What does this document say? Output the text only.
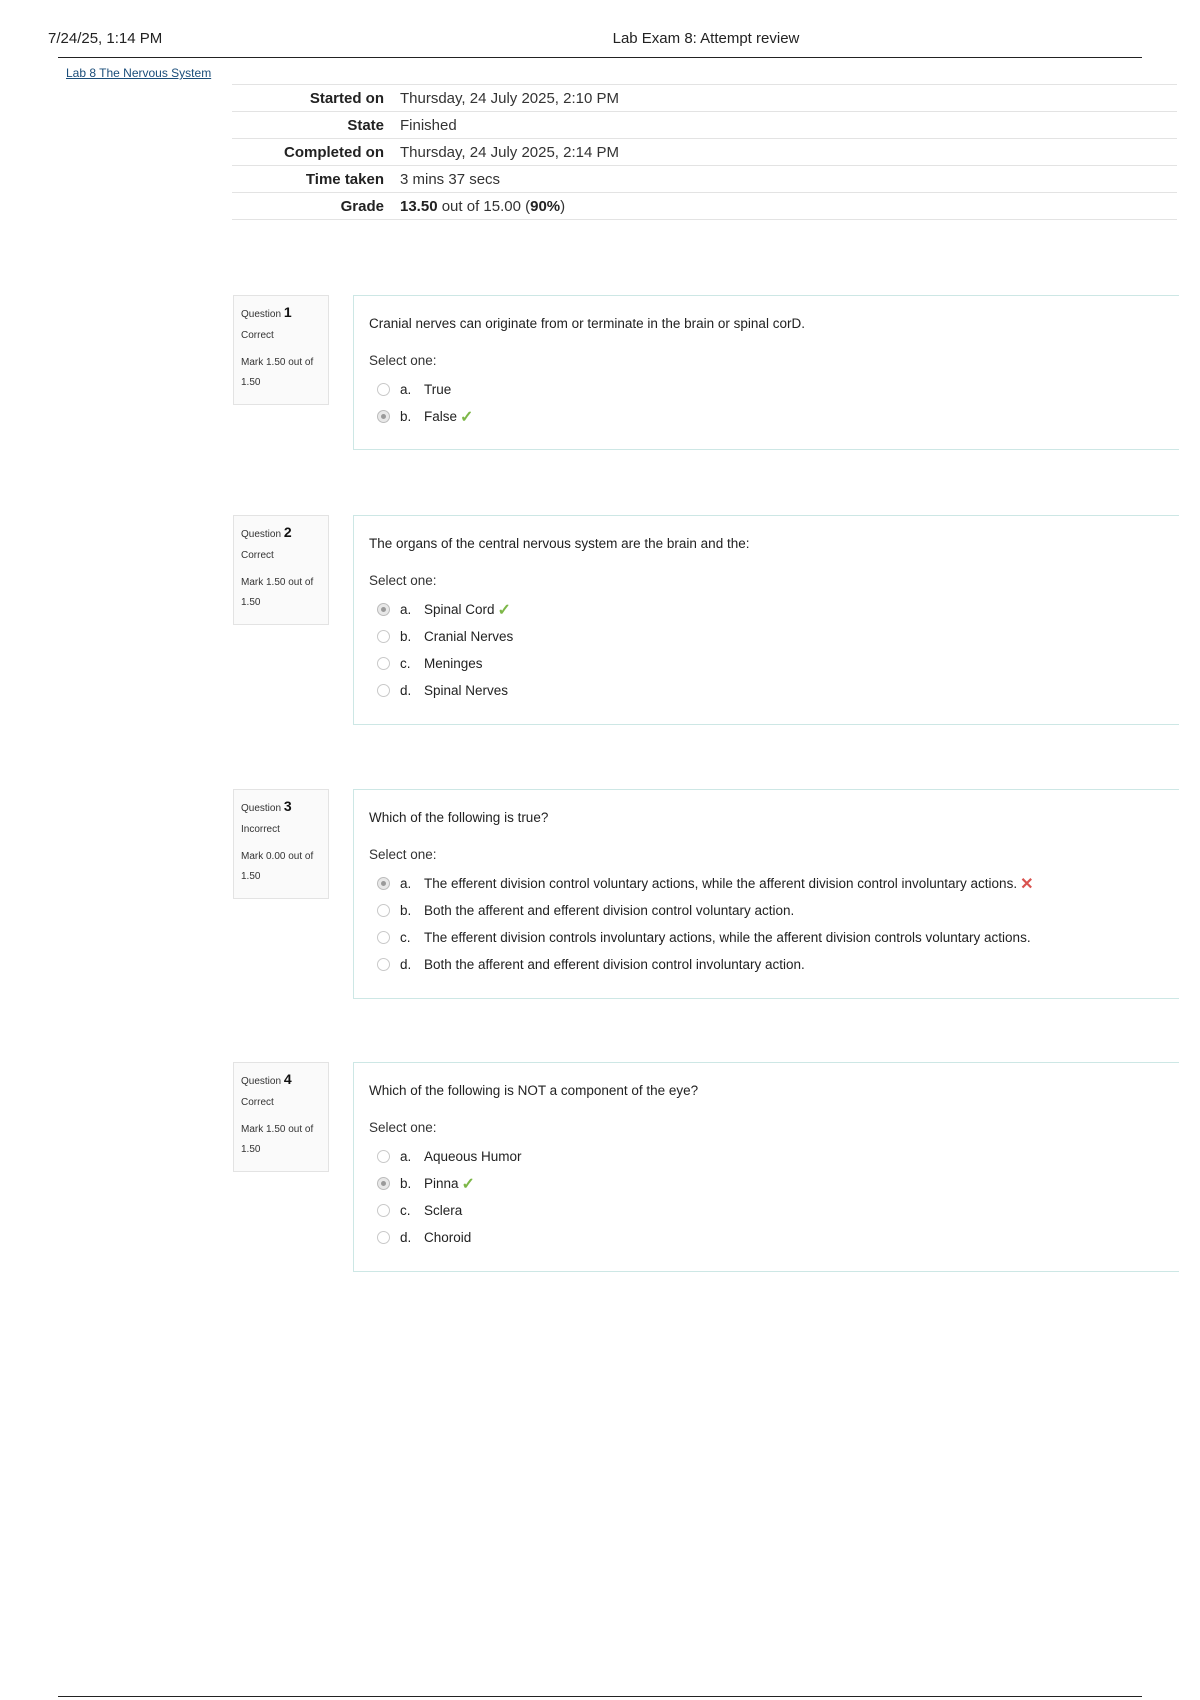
7/24/25, 1:14 PM	Lab Exam 8: Attempt review
Lab 8 The Nervous System
Started on	Thursday, 24 July 2025, 2:10 PM
State	Finished
Completed on	Thursday, 24 July 2025, 2:14 PM
Time taken	3 mins 37 secs
Grade	13.50 out of 15.00 (90%)
Question 1
Correct
Mark 1.50 out of 1.50
Cranial nerves can originate from or terminate in the brain or spinal corD.
Select one:
a. True
b. False ✓
Question 2
Correct
Mark 1.50 out of 1.50
The organs of the central nervous system are the brain and the:
Select one:
a. Spinal Cord ✓
b. Cranial Nerves
c. Meninges
d. Spinal Nerves
Question 3
Incorrect
Mark 0.00 out of 1.50
Which of the following is true?
Select one:
a. The efferent division control voluntary actions, while the afferent division control involuntary actions. ✕
b. Both the afferent and efferent division control voluntary action.
c. The efferent division controls involuntary actions, while the afferent division controls voluntary actions.
d. Both the afferent and efferent division control involuntary action.
Question 4
Correct
Mark 1.50 out of 1.50
Which of the following is NOT a component of the eye?
Select one:
a. Aqueous Humor
b. Pinna ✓
c. Sclera
d. Choroid
